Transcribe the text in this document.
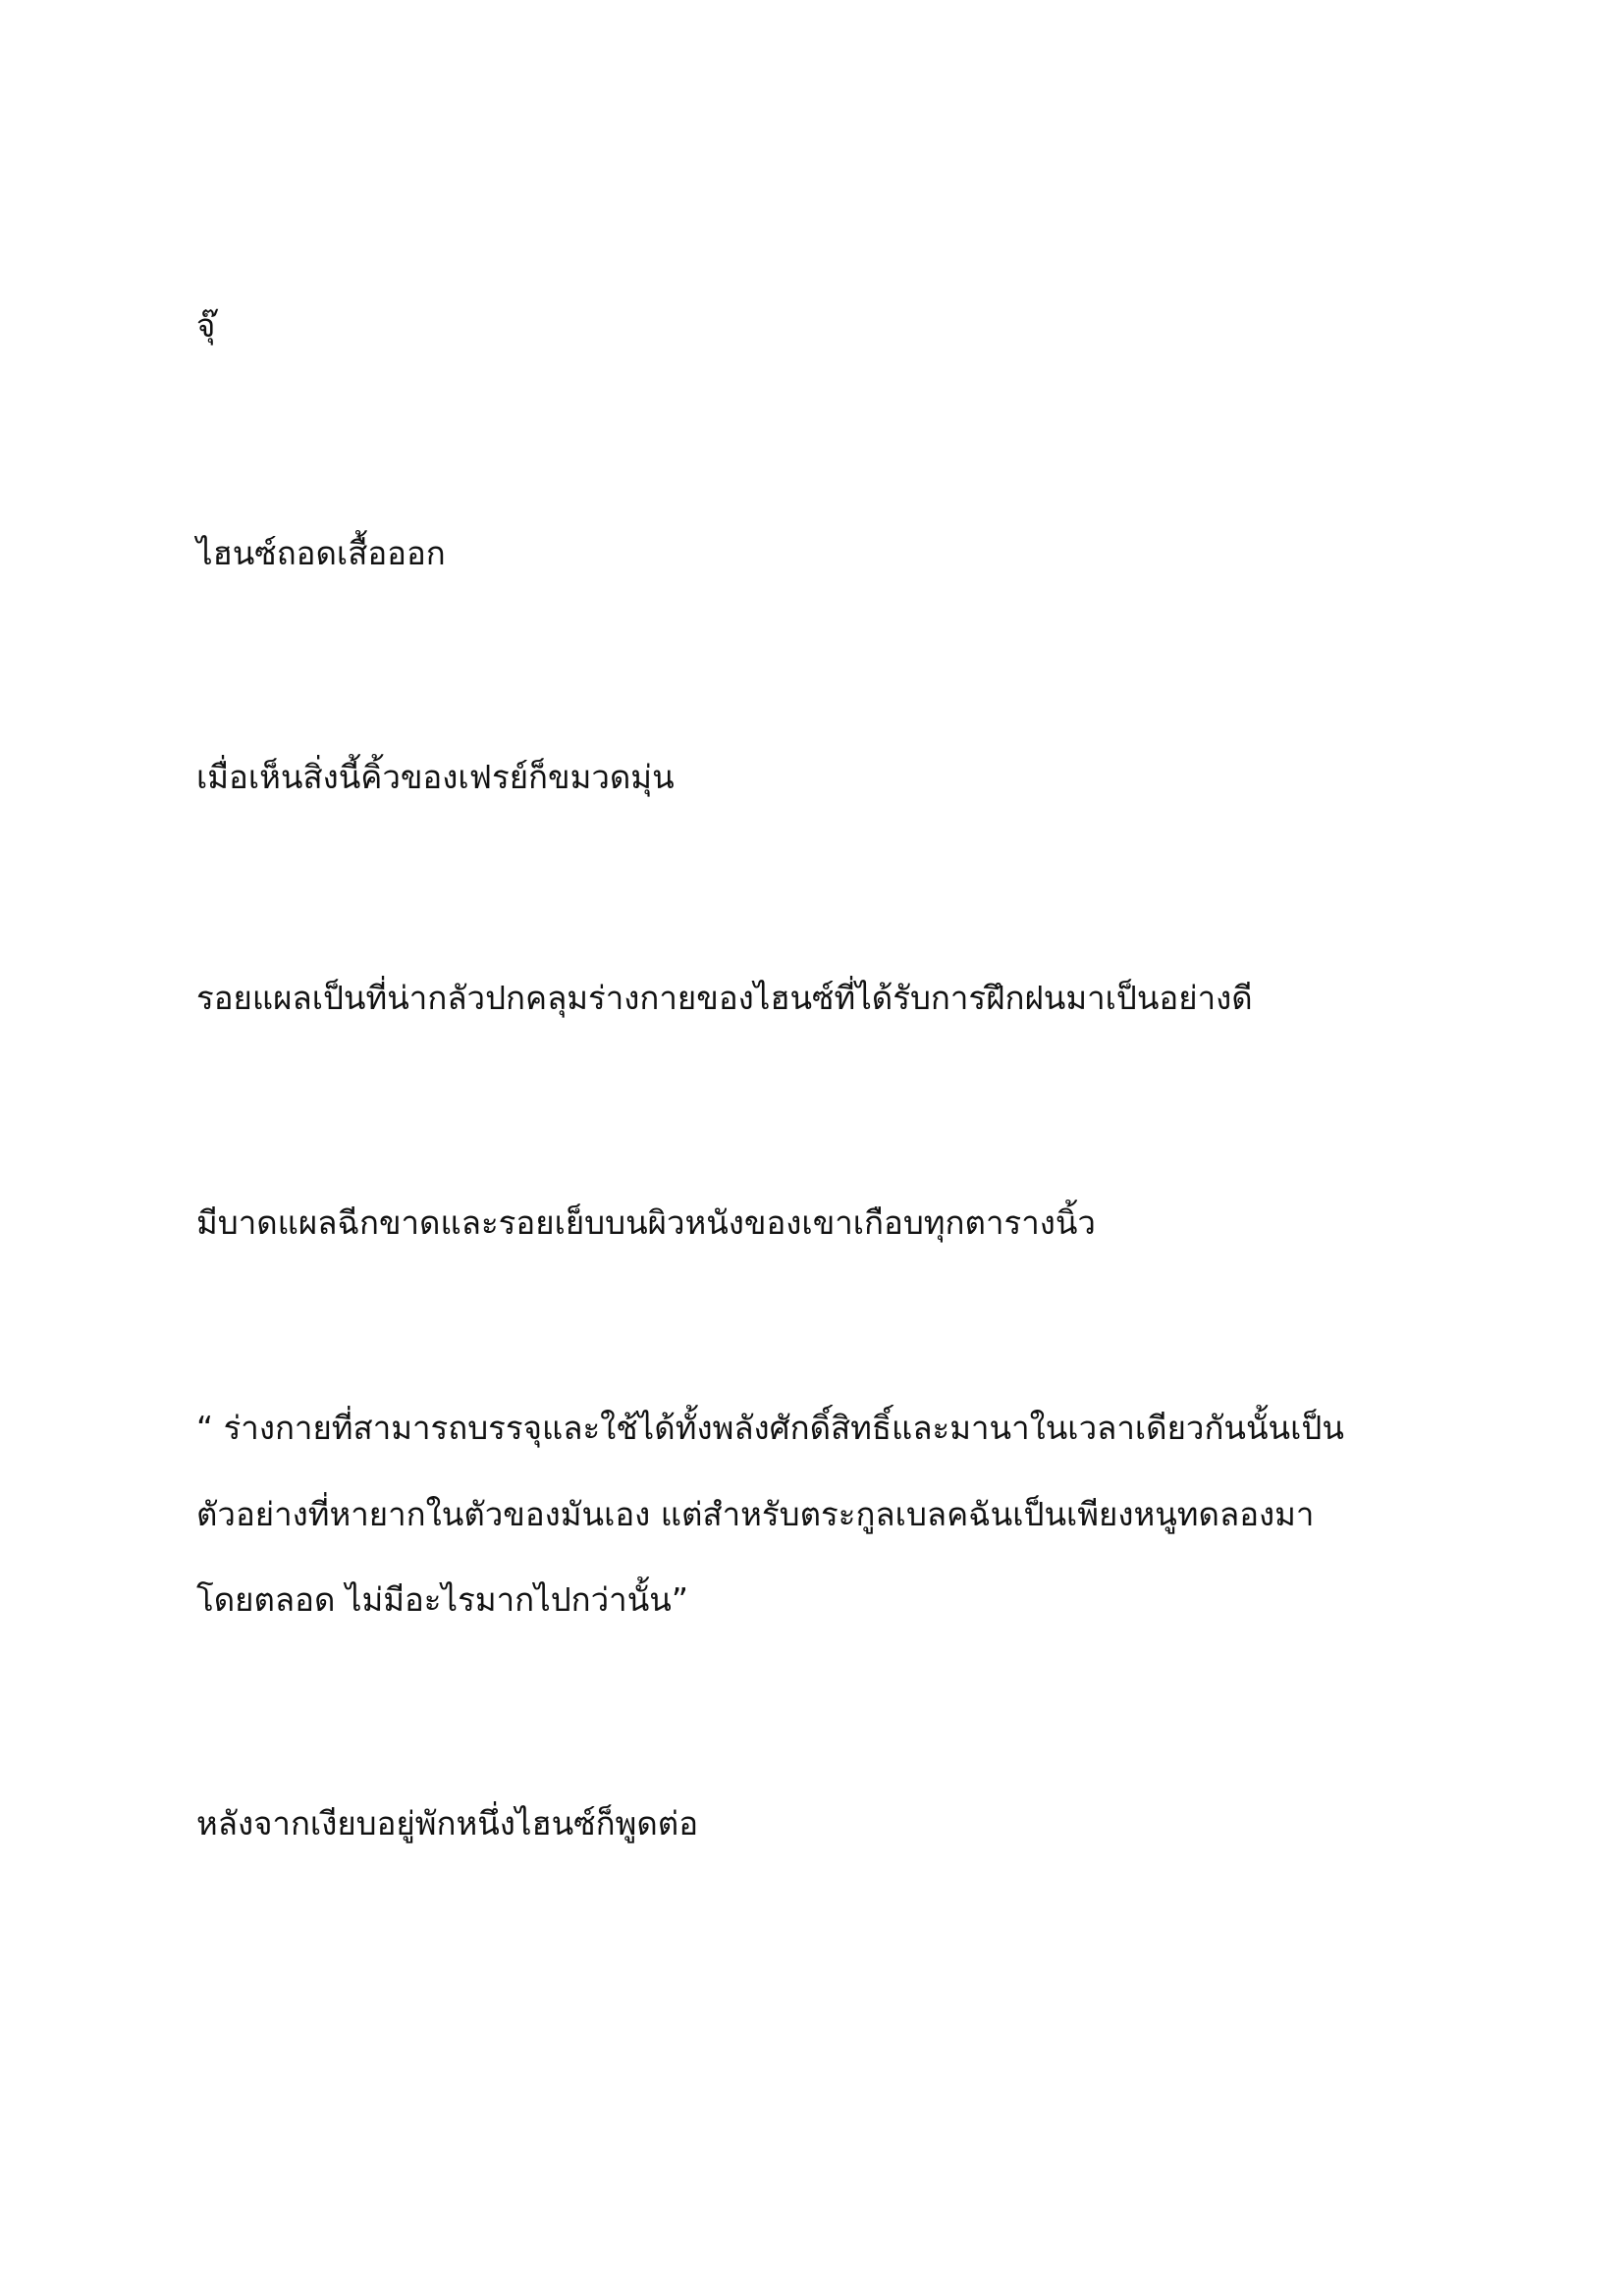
จุ๊

ไฮนซ์ถอดเสื้อออก

เมื่อเห็นสิ่งนี้คิ้วของเฟรย์ก็ขมวดมุ่น

รอยแผลเป็นที่น่ากลัวปกคลุมร่างกายของไฮนซ์ที่ได้รับการฝึกฝนมาเป็นอย่างดี

มีบาดแผลฉีกขาดและรอยเย็บบนผิวหนังของเขาเกือบทุกตารางนิ้ว

“ ร่างกายที่สามารถบรรจุและใช้ได้ทั้งพลังศักดิ์สิทธิ์และมานาในเวลาเดียวกันนั้นเป็น

ตัวอย่างที่หายากในตัวของมันเอง แต่สำหรับตระกูลเบลคฉันเป็นเพียงหนูทดลองมา

โดยตลอด ไม่มีอะไรมากไปกว่านั้น”

หลังจากเงียบอยู่พักหนึ่งไฮนซ์ก็พูดต่อ
